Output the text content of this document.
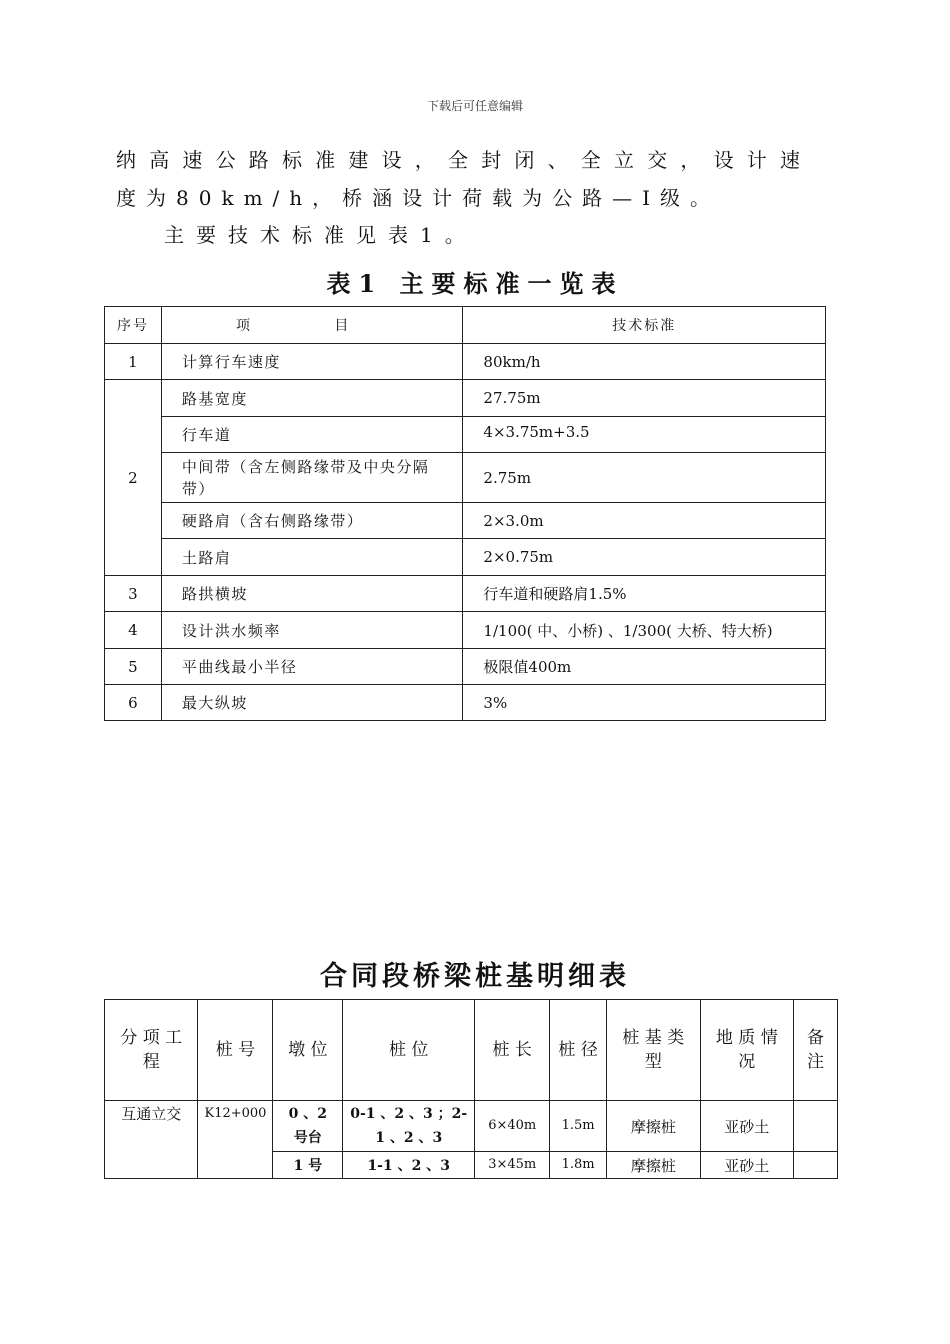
下载后可任意编辑
纳高速公路标准建设，全封闭、全立交，设计速
度为80km/h，桥涵设计荷载为公路—Ⅰ级。
主要技术标准见表1。
表1 主要标准一览表
序号	项 目	技术标准
1	计算行车速度	80km/h
2	路基宽度	27.75m
	行车道	4×3.75m+3.5
	中间带（含左侧路缘带及中央分隔带）	2.75m
	硬路肩（含右侧路缘带）	2×3.0m
	土路肩	2×0.75m
3	路拱横坡	行车道和硬路肩1.5%
4	设计洪水频率	1/100( 中、小桥) 、1/300( 大桥、特大桥)
5	平曲线最小半径	极限值400m
6	最大纵坡	3%
合同段桥梁桩基明细表
分 项 工 程	桩 号	墩 位	桩 位	桩 长	桩 径	桩 基 类 型	地 质 情 况	备 注
互通立交	K12+000	0 、2 号台	0-1 、2 、3 ；2-1 、2 、3	6×40m	1.5m	摩擦桩	亚砂土	
		1 号	1-1 、2 、3	3×45m	1.8m	摩擦桩	亚砂土	
